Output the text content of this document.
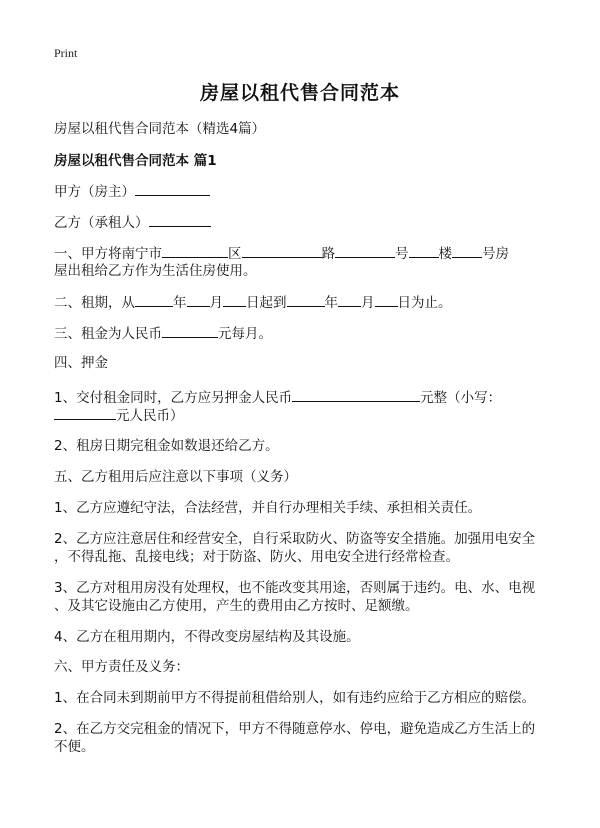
Print
房屋以租代售合同范本
房屋以租代售合同范本（精选4篇）
房屋以租代售合同范本 篇1
甲方（房主）
乙方（承租人）
一、甲方将南宁市	区	路	号 楼 号房
屋出租给乙方作为生活住房使用。
二、租期，从	年 月 日起到	年 月 日为止。
三、租金为人民币	元每月。
四、押金
1、交付租金同时，乙方应另押金人民币	元整（小写：
元人民币）
2、租房日期完租金如数退还给乙方。
五、乙方租用后应注意以下事项（义务）
1、乙方应遵纪守法，合法经营，并自行办理相关手续、承担相关责任。
2、乙方应注意居住和经营安全，自行采取防火、防盗等安全措施。加强用电安全
，不得乱拖、乱接电线；对于防盗、防火、用电安全进行经常检查。
3、乙方对租用房没有处理权，也不能改变其用途，否则属于违约。电、水、电视
、及其它设施由乙方使用，产生的费用由乙方按时、足额缴。
4、乙方在租用期内，不得改变房屋结构及其设施。
六、甲方责任及义务：
1、在合同未到期前甲方不得提前租借给别人，如有违约应给于乙方相应的赔偿。
2、在乙方交完租金的情况下，甲方不得随意停水、停电，避免造成乙方生活上的
不便。
